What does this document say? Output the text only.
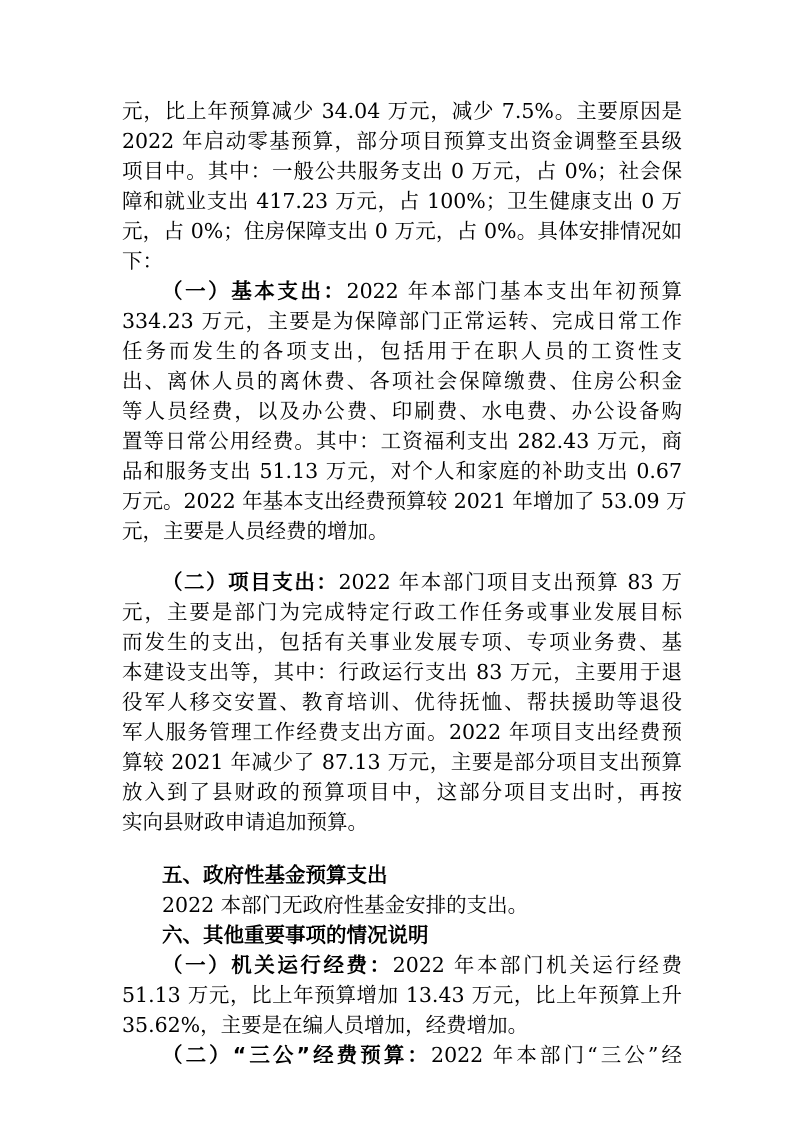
元，比上年预算减少 34.04 万元，减少 7.5%。主要原因是
2022 年启动零基预算，部分项目预算支出资金调整至县级
项目中。其中：一般公共服务支出 0 万元，占 0%；社会保
障和就业支出 417.23 万元，占 100%；卫生健康支出 0 万
元，占 0%；住房保障支出 0 万元，占 0%。具体安排情况如
下：
（一）基本支出：2022 年本部门基本支出年初预算
334.23 万元，主要是为保障部门正常运转、完成日常工作
任务而发生的各项支出，包括用于在职人员的工资性支
出、离休人员的离休费、各项社会保障缴费、住房公积金
等人员经费，以及办公费、印刷费、水电费、办公设备购
置等日常公用经费。其中：工资福利支出 282.43 万元，商
品和服务支出 51.13 万元，对个人和家庭的补助支出 0.67
万元。2022 年基本支出经费预算较 2021 年增加了 53.09 万
元，主要是人员经费的增加。
（二）项目支出：2022 年本部门项目支出预算 83 万
元，主要是部门为完成特定行政工作任务或事业发展目标
而发生的支出，包括有关事业发展专项、专项业务费、基
本建设支出等，其中：行政运行支出 83 万元，主要用于退
役军人移交安置、教育培训、优待抚恤、帮扶援助等退役
军人服务管理工作经费支出方面。2022 年项目支出经费预
算较 2021 年减少了 87.13 万元，主要是部分项目支出预算
放入到了县财政的预算项目中，这部分项目支出时，再按
实向县财政申请追加预算。
五、政府性基金预算支出
2022 本部门无政府性基金安排的支出。
六、其他重要事项的情况说明
（一）机关运行经费：2022 年本部门机关运行经费
51.13 万元，比上年预算增加 13.43 万元，比上年预算上升
35.62%，主要是在编人员增加，经费增加。
（二）“三公”经费预算：2022 年本部门“三公”经
